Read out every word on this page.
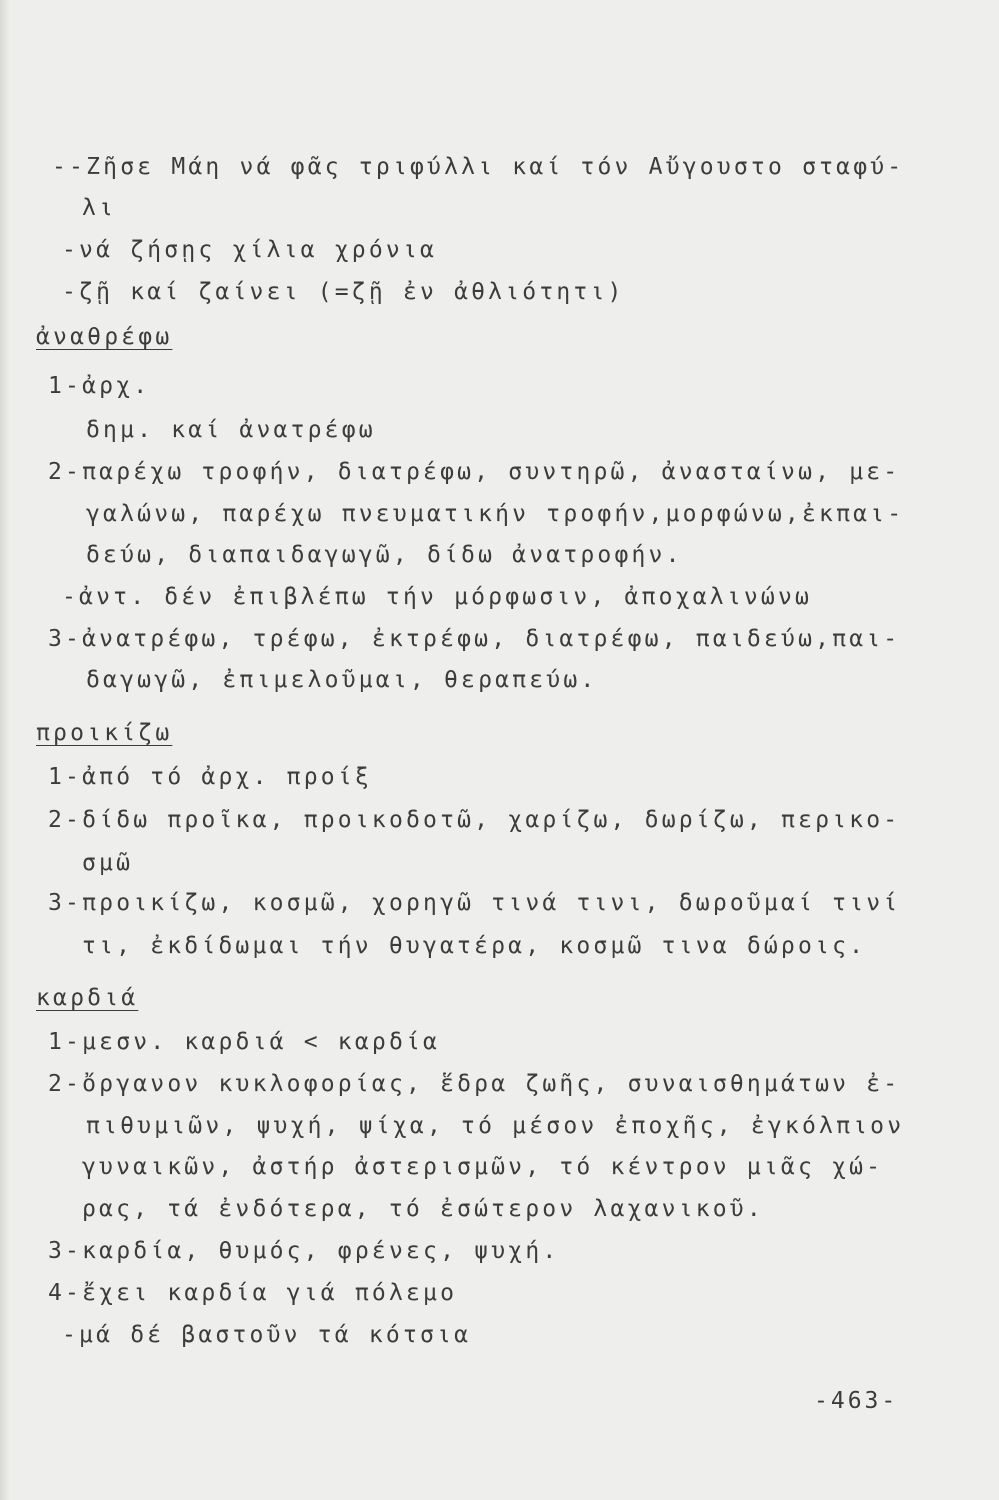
--Ζῆσε Μάη νά φᾶς τριφύλλι καί τόν Αὔγουστο σταφύ-
λι
-νά ζήσῃς χίλια χρόνια
-ζῇ καί ζαίνει (=ζῇ ἐν ἀθλιότητι)
ἀναθρέφω
1-ἀρχ.
δημ. καί ἀνατρέφω
2-παρέχω τροφήν, διατρέφω, συντηρῶ, ἀνασταίνω, με-
γαλώνω, παρέχω πνευματικήν τροφήν,μορφώνω,ἐκπαι-
δεύω, διαπαιδαγωγῶ, δίδω ἀνατροφήν.
-ἀντ. δέν ἐπιβλέπω τήν μόρφωσιν, ἀποχαλινώνω
3-ἀνατρέφω, τρέφω, ἐκτρέφω, διατρέφω, παιδεύω,παι-
δαγωγῶ, ἐπιμελοῦμαι, θεραπεύω.
προικίζω
1-ἀπό τό ἀρχ. προίξ
2-δίδω προῖκα, προικοδοτῶ, χαρίζω, δωρίζω, περικο-
σμῶ
3-προικίζω, κοσμῶ, χορηγῶ τινά τινι, δωροῦμαί τινί
τι, ἐκδίδωμαι τήν θυγατέρα, κοσμῶ τινα δώροις.
καρδιά
1-μεσν. καρδιά < καρδία
2-ὄργανον κυκλοφορίας, ἕδρα ζωῆς, συναισθημάτων ἐ-
πιθυμιῶν, ψυχή, ψίχα, τό μέσον ἐποχῆς, ἐγκόλπιον
γυναικῶν, ἀστήρ ἀστερισμῶν, τό κέντρον μιᾶς χώ-
ρας, τά ἐνδότερα, τό ἐσώτερον λαχανικοῦ.
3-καρδία, θυμός, φρένες, ψυχή.
4-ἔχει καρδία γιά πόλεμο
-μά δέ βαστοῦν τά κότσια
-463-
